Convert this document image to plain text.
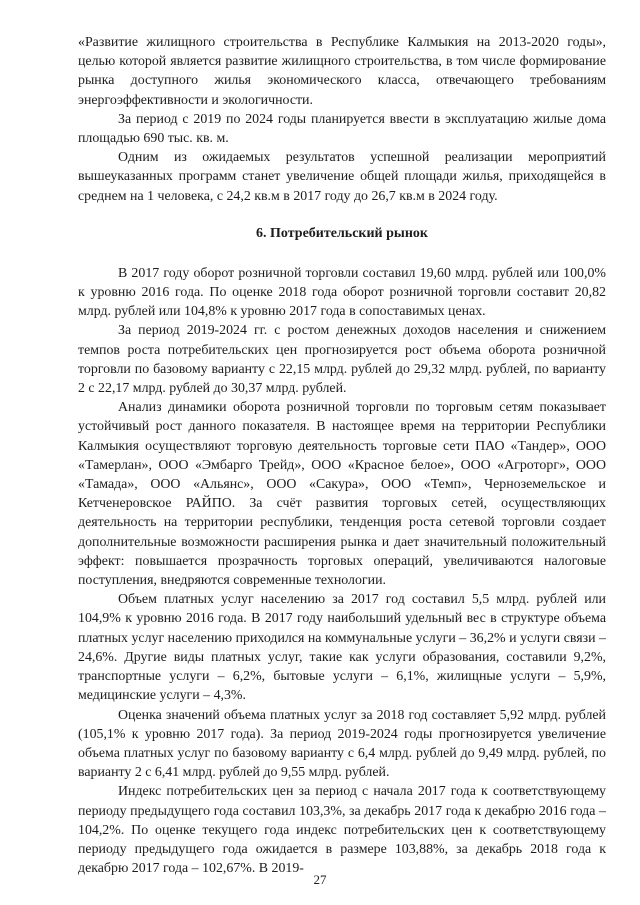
«Развитие жилищного строительства в Республике Калмыкия на 2013-2020 годы», целью которой является развитие жилищного строительства, в том числе формирование рынка доступного жилья экономического класса, отвечающего требованиям энергоэффективности и экологичности.

За период с 2019 по 2024 годы планируется ввести в эксплуатацию жилые дома площадью 690 тыс. кв. м.

Одним из ожидаемых результатов успешной реализации мероприятий вышеуказанных программ станет увеличение общей площади жилья, приходящейся в среднем на 1 человека, с 24,2 кв.м в 2017 году до 26,7 кв.м в 2024 году.

6. Потребительский рынок

В 2017 году оборот розничной торговли составил 19,60 млрд. рублей или 100,0% к уровню 2016 года. По оценке 2018 года оборот розничной торговли составит 20,82 млрд. рублей или 104,8% к уровню 2017 года в сопоставимых ценах.

За период 2019-2024 гг. с ростом денежных доходов населения и снижением темпов роста потребительских цен прогнозируется рост объема оборота розничной торговли по базовому варианту с 22,15 млрд. рублей до 29,32 млрд. рублей, по варианту 2 с 22,17 млрд. рублей до 30,37 млрд. рублей.

Анализ динамики оборота розничной торговли по торговым сетям показывает устойчивый рост данного показателя. В настоящее время на территории Республики Калмыкия осуществляют торговую деятельность торговые сети ПАО «Тандер», ООО «Тамерлан», ООО «Эмбарго Трейд», ООО «Красное белое», ООО «Агроторг», ООО «Тамада», ООО «Альянс», ООО «Сакура», ООО «Темп», Черноземельское и Кетченеровское РАЙПО. За счёт развития торговых сетей, осуществляющих деятельность на территории республики, тенденция роста сетевой торговли создает дополнительные возможности расширения рынка и дает значительный положительный эффект: повышается прозрачность торговых операций, увеличиваются налоговые поступления, внедряются современные технологии.

Объем платных услуг населению за 2017 год составил 5,5 млрд. рублей или 104,9% к уровню 2016 года. В 2017 году наибольший удельный вес в структуре объема платных услуг населению приходился на коммунальные услуги – 36,2% и услуги связи – 24,6%. Другие виды платных услуг, такие как услуги образования, составили 9,2%, транспортные услуги – 6,2%, бытовые услуги – 6,1%, жилищные услуги – 5,9%, медицинские услуги – 4,3%.

Оценка значений объема платных услуг за 2018 год составляет 5,92 млрд. рублей (105,1% к уровню 2017 года). За период 2019-2024 годы прогнозируется увеличение объема платных услуг по базовому варианту с 6,4 млрд. рублей до 9,49 млрд. рублей, по варианту 2 с 6,41 млрд. рублей до 9,55 млрд. рублей.

Индекс потребительских цен за период с начала 2017 года к соответствующему периоду предыдущего года составил 103,3%, за декабрь 2017 года к декабрю 2016 года – 104,2%. По оценке текущего года индекс потребительских цен к соответствующему периоду предыдущего года ожидается в размере 103,88%, за декабрь 2018 года к декабрю 2017 года – 102,67%. В 2019-

27
